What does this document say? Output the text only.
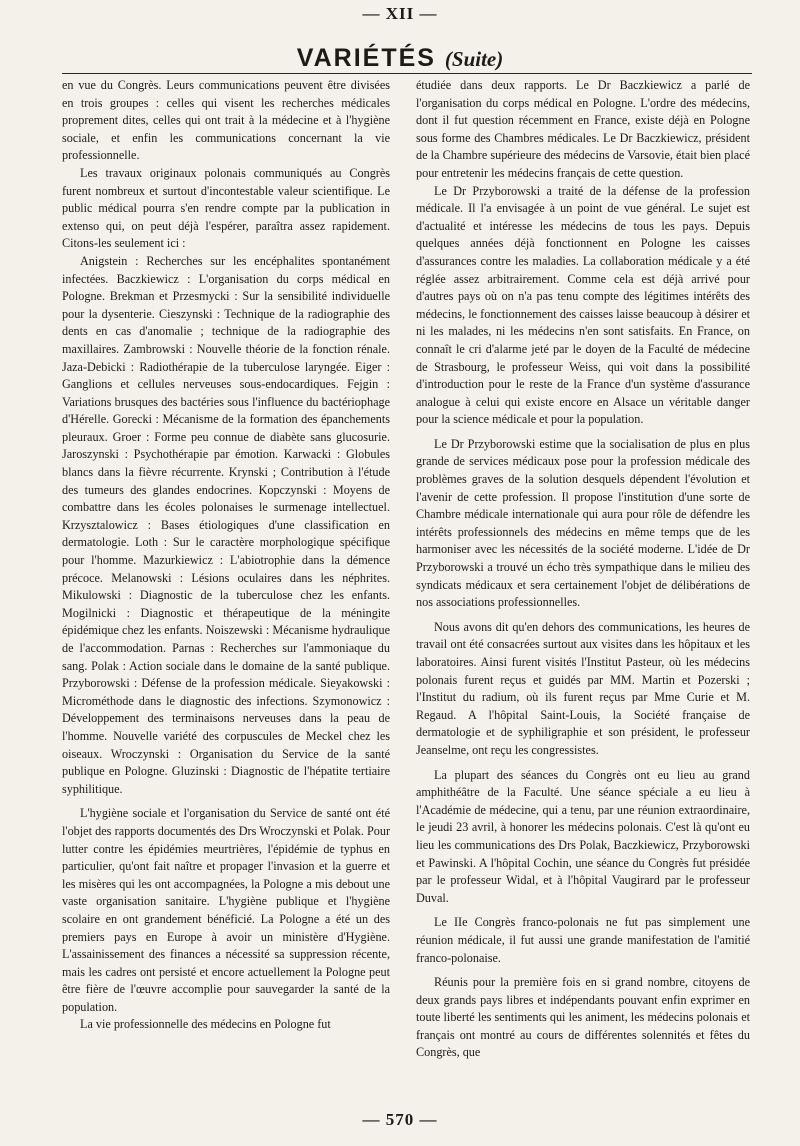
— XII —
VARIÉTÉS (Suite)

en vue du Congrès. Leurs communications peuvent être divisées en trois groupes : celles qui visent les recherches médicales proprement dites, celles qui ont trait à la médecine et à l'hygiène sociale, et enfin les communications concernant la vie professionnelle.

Les travaux originaux polonais communiqués au Congrès furent nombreux et surtout d'incontestable valeur scientifique. Le public médical pourra s'en rendre compte par la publication in extenso qui, on peut déjà l'espérer, paraîtra assez rapidement. Citons-les seulement ici :

Anigstein : Recherches sur les encéphalites spontanément infectées. Baczkiewicz : L'organisation du corps médical en Pologne. Brekman et Przesmycki : Sur la sensibilité individuelle pour la dysenterie. Cieszynski : Technique de la radiographie des dents en cas d'anomalie ; technique de la radiographie des maxillaires. Zambrowski : Nouvelle théorie de la fonction rénale. Jaza-Debicki : Radiothérapie de la tuberculose laryngée. Eiger : Ganglions et cellules nerveuses sous-endocardiques. Fejgin : Variations brusques des bactéries sous l'influence du bactériophage d'Hérelle. Gorecki : Mécanisme de la formation des épanchements pleuraux. Groer : Forme peu connue de diabète sans glucosurie. Jaroszynski : Psychothérapie par émotion. Karwacki : Globules blancs dans la fièvre récurrente. Krynski ; Contribution à l'étude des tumeurs des glandes endocrines. Kopczynski : Moyens de combattre dans les écoles polonaises le surmenage intellectuel. Krzysztalowicz : Bases étiologiques d'une classification en dermatologie. Loth : Sur le caractère morphologique spécifique pour l'homme. Mazurkiewicz : L'abiotrophie dans la démence précoce. Melanowski : Lésions oculaires dans les néphrites. Mikulowski : Diagnostic de la tuberculose chez les enfants. Mogilnicki : Diagnostic et thérapeutique de la méningite épidémique chez les enfants. Noiszewski : Mécanisme hydraulique de l'accommodation. Parnas : Recherches sur l'ammoniaque du sang. Polak : Action sociale dans le domaine de la santé publique. Przyborowski : Défense de la profession médicale. Sieyakowski : Microméthode dans le diagnostic des infections. Szymonowicz : Développement des terminaisons nerveuses dans la peau de l'homme. Nouvelle variété des corpuscules de Meckel chez les oiseaux. Wroczynski : Organisation du Service de la santé publique en Pologne. Gluzinski : Diagnostic de l'hépatite tertiaire syphilitique.

L'hygiène sociale et l'organisation du Service de santé ont été l'objet des rapports documentés des Drs Wroczynski et Polak. Pour lutter contre les épidémies meurtrières, l'épidémie de typhus en particulier, qu'ont fait naître et propager l'invasion et la guerre et les misères qui les ont accompagnées, la Pologne a mis debout une vaste organisation sanitaire. L'hygiène publique et l'hygiène scolaire en ont grandement bénéficié. La Pologne a été un des premiers pays en Europe à avoir un ministère d'Hygiène. L'assainissement des finances a nécessité sa suppression récente, mais les cadres ont persisté et encore actuellement la Pologne peut être fière de l'œuvre accomplie pour sauvegarder la santé de la population.

La vie professionnelle des médecins en Pologne fut

étudiée dans deux rapports. Le Dr Baczkiewicz a parlé de l'organisation du corps médical en Pologne. L'ordre des médecins, dont il fut question récemment en France, existe déjà en Pologne sous forme des Chambres médicales. Le Dr Baczkiewicz, président de la Chambre supérieure des médecins de Varsovie, était bien placé pour entretenir les médecins français de cette question.

Le Dr Przyborowski a traité de la défense de la profession médicale. Il l'a envisagée à un point de vue général. Le sujet est d'actualité et intéresse les médecins de tous les pays. Depuis quelques années déjà fonctionnent en Pologne les caisses d'assurances contre les maladies. La collaboration médicale y a été réglée assez arbitrairement. Comme cela est déjà arrivé pour d'autres pays où on n'a pas tenu compte des légitimes intérêts des médecins, le fonctionnement des caisses laisse beaucoup à désirer et ni les malades, ni les médecins n'en sont satisfaits. En France, on connaît le cri d'alarme jeté par le doyen de la Faculté de médecine de Strasbourg, le professeur Weiss, qui voit dans la possibilité d'introduction pour le reste de la France d'un système d'assurance analogue à celui qui existe encore en Alsace un véritable danger pour la science médicale et pour la population.

Le Dr Przyborowski estime que la socialisation de plus en plus grande de services médicaux pose pour la profession médicale des problèmes graves de la solution desquels dépendent l'évolution et l'avenir de cette profession. Il propose l'institution d'une sorte de Chambre médicale internationale qui aura pour rôle de défendre les intérêts professionnels des médecins en même temps que de les harmoniser avec les nécessités de la société moderne. L'idée de Dr Przyborowski a trouvé un écho très sympathique dans le milieu des syndicats médicaux et sera certainement l'objet de délibérations de nos associations professionnelles.

Nous avons dit qu'en dehors des communications, les heures de travail ont été consacrées surtout aux visites dans les hôpitaux et les laboratoires. Ainsi furent visités l'Institut Pasteur, où les médecins polonais furent reçus et guidés par MM. Martin et Pozerski ; l'Institut du radium, où ils furent reçus par Mme Curie et M. Regaud. A l'hôpital Saint-Louis, la Société française de dermatologie et de syphiligraphie et son président, le professeur Jeanselme, ont reçu les congressistes.

La plupart des séances du Congrès ont eu lieu au grand amphithéâtre de la Faculté. Une séance spéciale a eu lieu à l'Académie de médecine, qui a tenu, par une réunion extraordinaire, le jeudi 23 avril, à honorer les médecins polonais. C'est là qu'ont eu lieu les communications des Drs Polak, Baczkiewicz, Przyborowski et Pawinski. A l'hôpital Cochin, une séance du Congrès fut présidée par le professeur Widal, et à l'hôpital Vaugirard par le professeur Duval.

Le IIe Congrès franco-polonais ne fut pas simplement une réunion médicale, il fut aussi une grande manifestation de l'amitié franco-polonaise.

Réunis pour la première fois en si grand nombre, citoyens de deux grands pays libres et indépendants pouvant enfin exprimer en toute liberté les sentiments qui les animent, les médecins polonais et français ont montré au cours de différentes solennités et fêtes du Congrès, que

— 570 —
